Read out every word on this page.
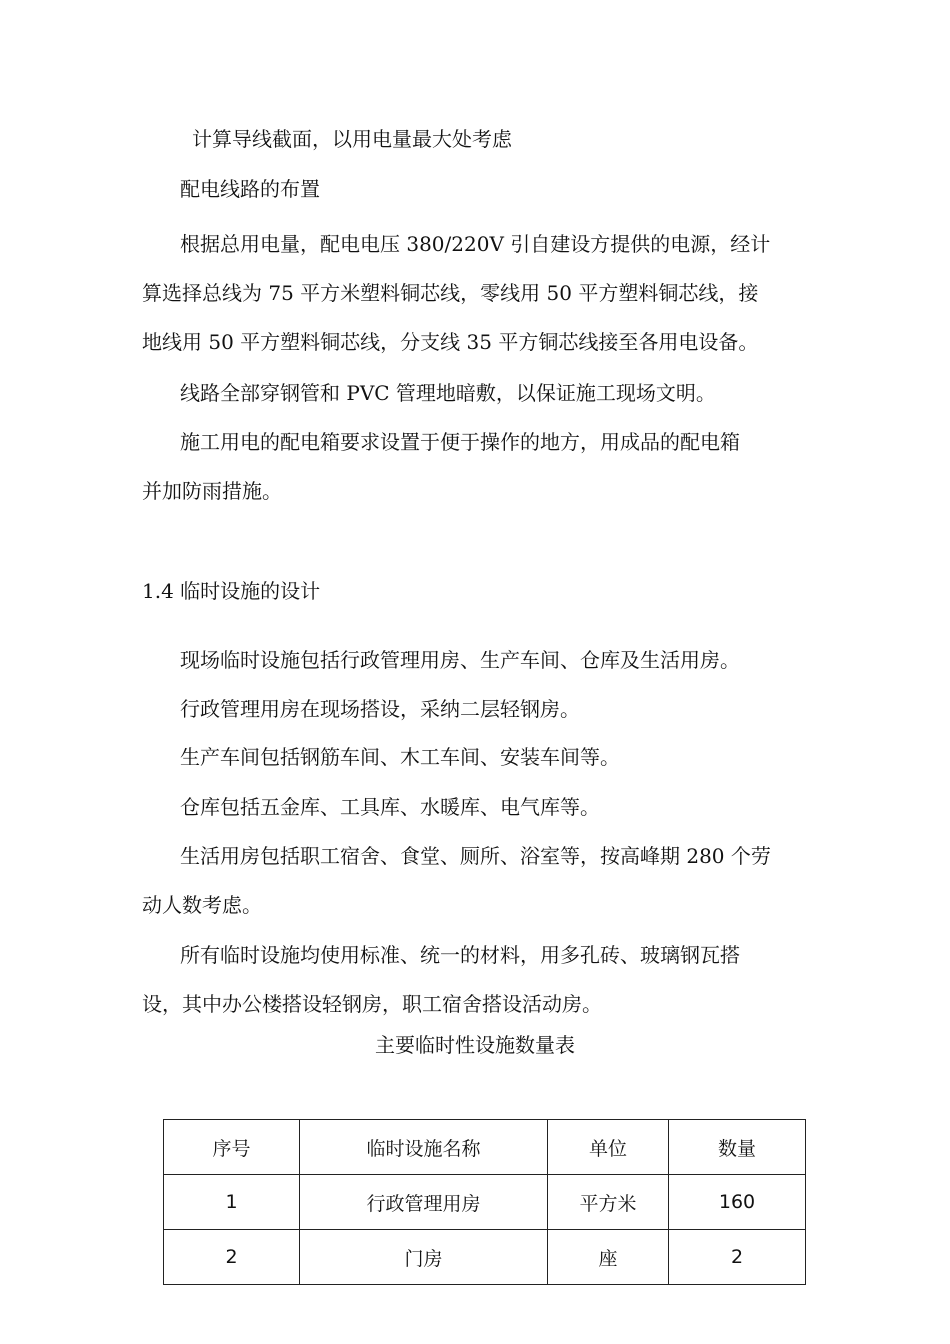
计算导线截面，以用电量最大处考虑
配电线路的布置
根据总用电量，配电电压 380/220V 引自建设方提供的电源，经计
算选择总线为 75 平方米塑料铜芯线，零线用 50 平方塑料铜芯线，接
地线用 50 平方塑料铜芯线，分支线 35 平方铜芯线接至各用电设备。
线路全部穿钢管和 PVC 管理地暗敷，以保证施工现场文明。
施工用电的配电箱要求设置于便于操作的地方，用成品的配电箱
并加防雨措施。
1.4 临时设施的设计
现场临时设施包括行政管理用房、生产车间、仓库及生活用房。
行政管理用房在现场搭设，采纳二层轻钢房。
生产车间包括钢筋车间、木工车间、安装车间等。
仓库包括五金库、工具库、水暖库、电气库等。
生活用房包括职工宿舍、食堂、厕所、浴室等，按高峰期 280 个劳
动人数考虑。
所有临时设施均使用标准、统一的材料，用多孔砖、玻璃钢瓦搭
设，其中办公楼搭设轻钢房，职工宿舍搭设活动房。
主要临时性设施数量表
序号	临时设施名称	单位	数量
1	行政管理用房	平方米	160
2	门房	座	2
